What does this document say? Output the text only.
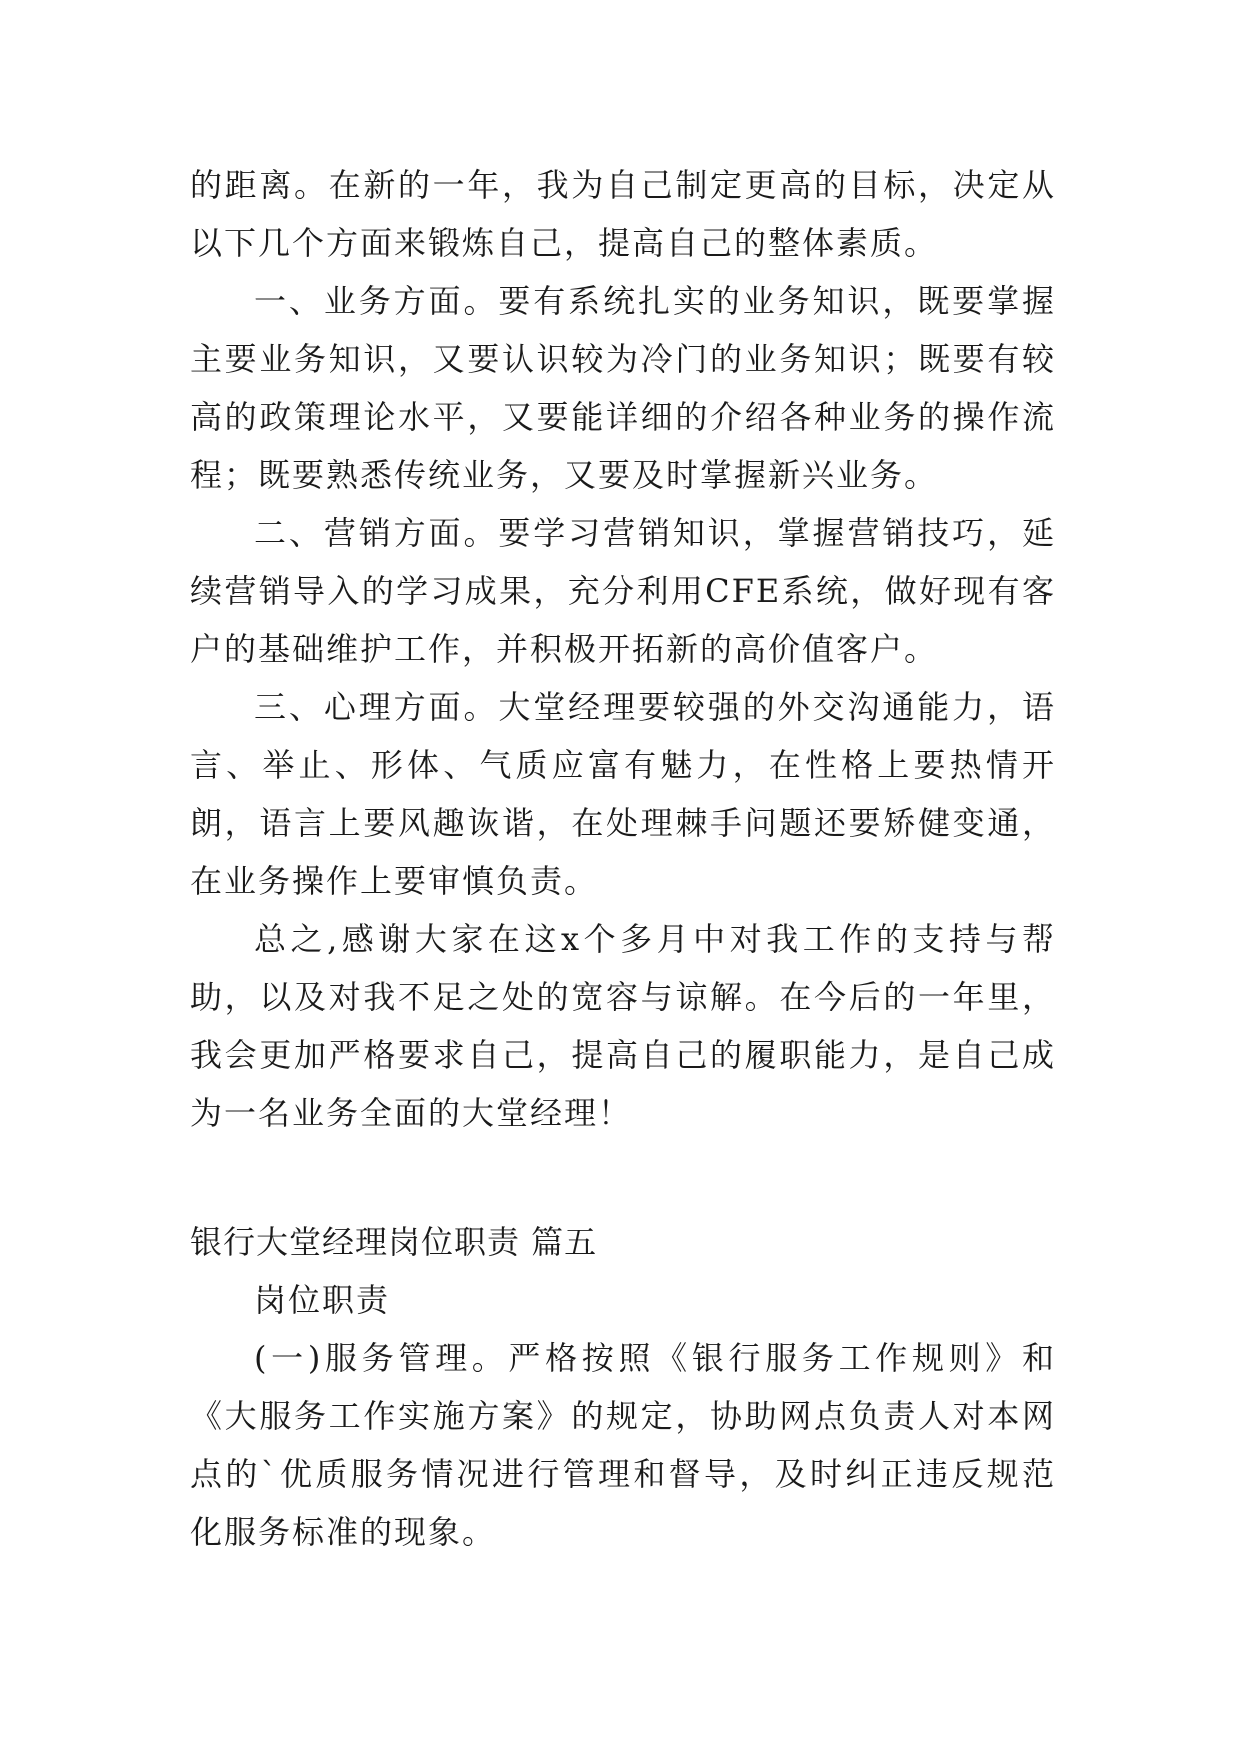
的距离。在新的一年，我为自己制定更高的目标，决定从以下几个方面来锻炼自己，提高自己的整体素质。

一、业务方面。要有系统扎实的业务知识，既要掌握主要业务知识，又要认识较为冷门的业务知识；既要有较高的政策理论水平，又要能详细的介绍各种业务的操作流程；既要熟悉传统业务，又要及时掌握新兴业务。

二、营销方面。要学习营销知识，掌握营销技巧，延续营销导入的学习成果，充分利用CFE系统，做好现有客户的基础维护工作，并积极开拓新的高价值客户。

三、心理方面。大堂经理要较强的外交沟通能力，语言、举止、形体、气质应富有魅力，在性格上要热情开朗，语言上要风趣诙谐，在处理棘手问题还要矫健变通，在业务操作上要审慎负责。

总之,感谢大家在这x个多月中对我工作的支持与帮助，以及对我不足之处的宽容与谅解。在今后的一年里，我会更加严格要求自己，提高自己的履职能力，是自己成为一名业务全面的大堂经理！

银行大堂经理岗位职责 篇五

岗位职责

(一)服务管理。严格按照《银行服务工作规则》和《大服务工作实施方案》的规定，协助网点负责人对本网点的`优质服务情况进行管理和督导，及时纠正违反规范化服务标准的现象。
